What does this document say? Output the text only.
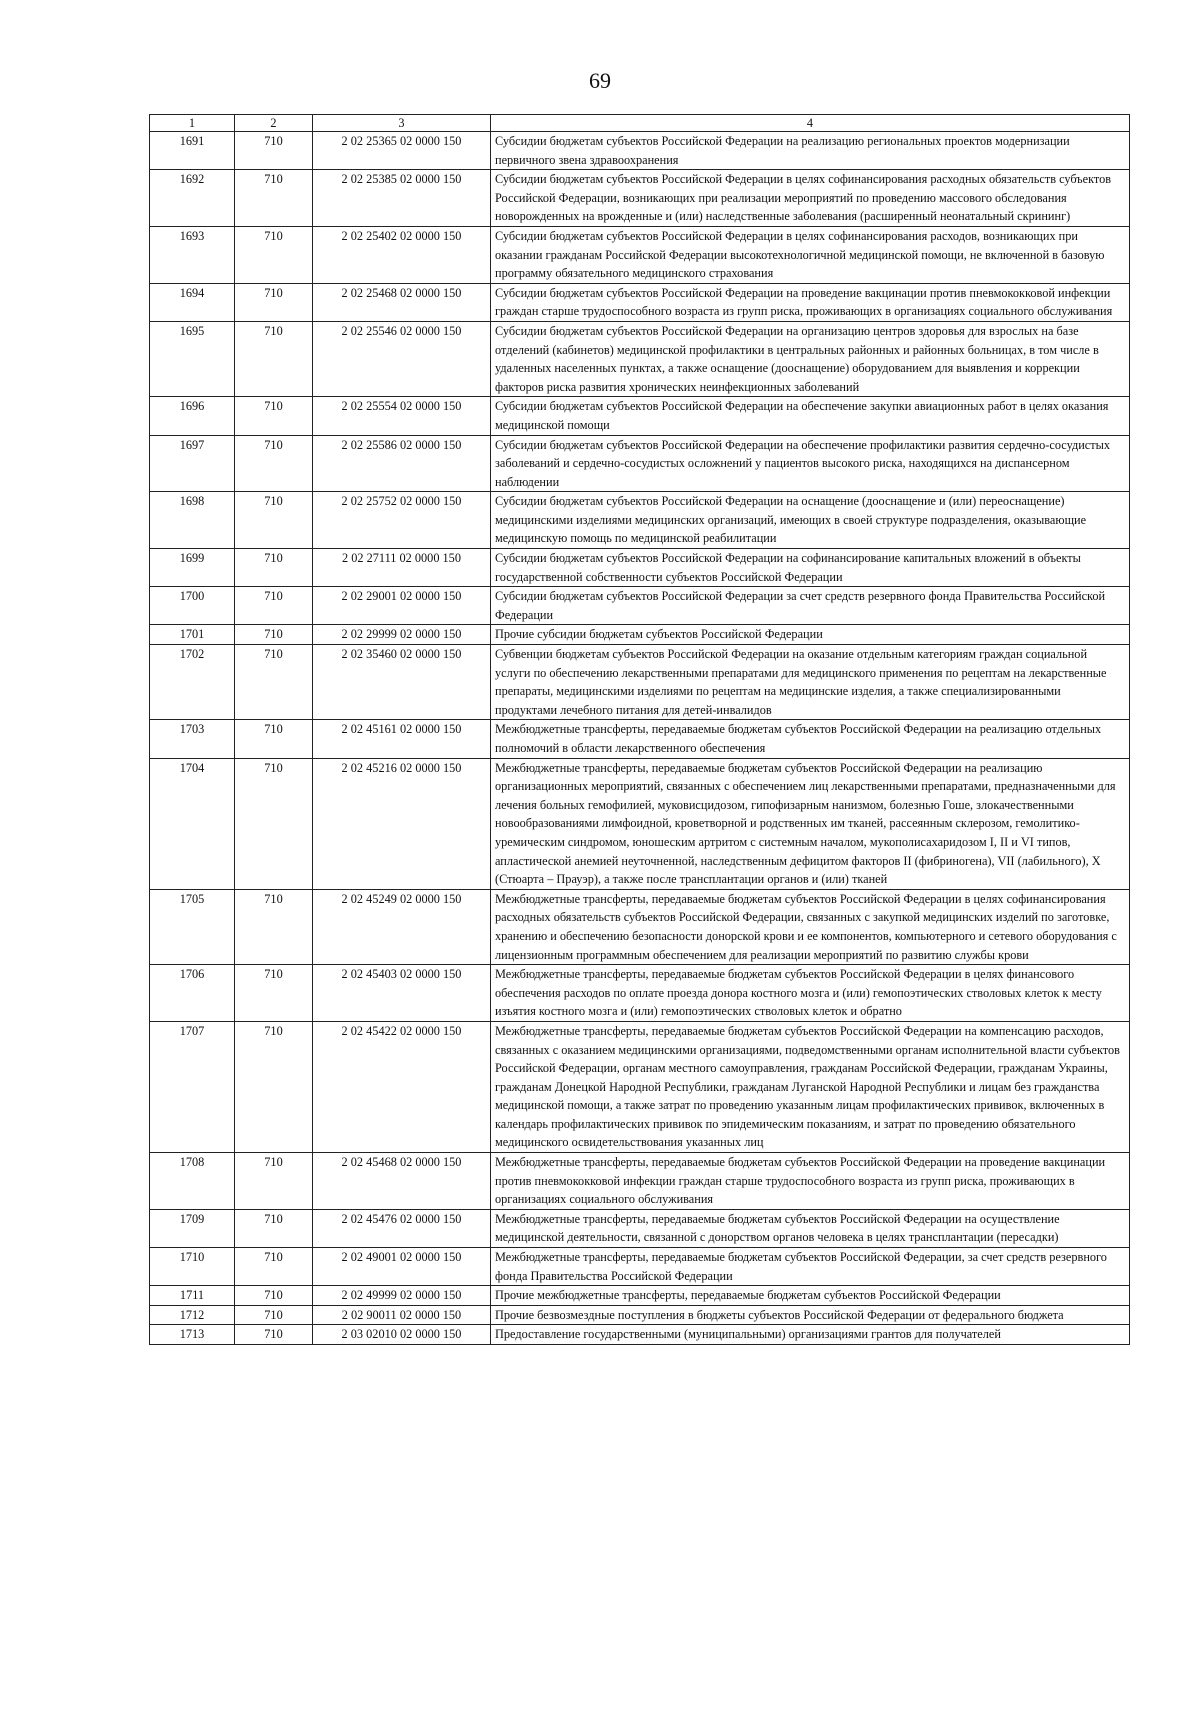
69
1	2	3	4
1691	710	2 02 25365 02 0000 150	Субсидии бюджетам субъектов Российской Федерации на реализацию региональных проектов модернизации первичного звена здравоохранения
1692	710	2 02 25385 02 0000 150	Субсидии бюджетам субъектов Российской Федерации в целях софинансирования расходных обязательств субъектов Российской Федерации, возникающих при реализации мероприятий по проведению массового обследования новорожденных на врожденные и (или) наследственные заболевания (расширенный неонатальный скрининг)
1693	710	2 02 25402 02 0000 150	Субсидии бюджетам субъектов Российской Федерации в целях софинансирования расходов, возникающих при оказании гражданам Российской Федерации высокотехнологичной медицинской помощи, не включенной в базовую программу обязательного медицинского страхования
1694	710	2 02 25468 02 0000 150	Субсидии бюджетам субъектов Российской Федерации на проведение вакцинации против пневмококковой инфекции граждан старше трудоспособного возраста из групп риска, проживающих в организациях социального обслуживания
1695	710	2 02 25546 02 0000 150	Субсидии бюджетам субъектов Российской Федерации на организацию центров здоровья для взрослых на базе отделений (кабинетов) медицинской профилактики в центральных районных и районных больницах, в том числе в удаленных населенных пунктах, а также оснащение (дооснащение) оборудованием для выявления и коррекции факторов риска развития хронических неинфекционных заболеваний
1696	710	2 02 25554 02 0000 150	Субсидии бюджетам субъектов Российской Федерации на обеспечение закупки авиационных работ в целях оказания медицинской помощи
1697	710	2 02 25586 02 0000 150	Субсидии бюджетам субъектов Российской Федерации на обеспечение профилактики развития сердечно-сосудистых заболеваний и сердечно-сосудистых осложнений у пациентов высокого риска, находящихся на диспансерном наблюдении
1698	710	2 02 25752 02 0000 150	Субсидии бюджетам субъектов Российской Федерации на оснащение (дооснащение и (или) переоснащение) медицинскими изделиями медицинских организаций, имеющих в своей структуре подразделения, оказывающие медицинскую помощь по медицинской реабилитации
1699	710	2 02 27111 02 0000 150	Субсидии бюджетам субъектов Российской Федерации на софинансирование капитальных вложений в объекты государственной собственности субъектов Российской Федерации
1700	710	2 02 29001 02 0000 150	Субсидии бюджетам субъектов Российской Федерации за счет средств резервного фонда Правительства Российской Федерации
1701	710	2 02 29999 02 0000 150	Прочие субсидии бюджетам субъектов Российской Федерации
1702	710	2 02 35460 02 0000 150	Субвенции бюджетам субъектов Российской Федерации на оказание отдельным категориям граждан социальной услуги по обеспечению лекарственными препаратами для медицинского применения по рецептам на лекарственные препараты, медицинскими изделиями по рецептам на медицинские изделия, а также специализированными продуктами лечебного питания для детей-инвалидов
1703	710	2 02 45161 02 0000 150	Межбюджетные трансферты, передаваемые бюджетам субъектов Российской Федерации на реализацию отдельных полномочий в области лекарственного обеспечения
1704	710	2 02 45216 02 0000 150	Межбюджетные трансферты, передаваемые бюджетам субъектов Российской Федерации на реализацию организационных мероприятий, связанных с обеспечением лиц лекарственными препаратами, предназначенными для лечения больных гемофилией, муковисцидозом, гипофизарным нанизмом, болезнью Гоше, злокачественными новообразованиями лимфоидной, кроветворной и родственных им тканей, рассеянным склерозом, гемолитико-уремическим синдромом, юношеским артритом с системным началом, мукополисахаридозом I, II и VI типов, апластической анемией неуточненной, наследственным дефицитом факторов II (фибриногена), VII (лабильного), X (Стюарта – Прауэр), а также после трансплантации органов и (или) тканей
1705	710	2 02 45249 02 0000 150	Межбюджетные трансферты, передаваемые бюджетам субъектов Российской Федерации в целях софинансирования расходных обязательств субъектов Российской Федерации, связанных с закупкой медицинских изделий по заготовке, хранению и обеспечению безопасности донорской крови и ее компонентов, компьютерного и сетевого оборудования с лицензионным программным обеспечением для реализации мероприятий по развитию службы крови
1706	710	2 02 45403 02 0000 150	Межбюджетные трансферты, передаваемые бюджетам субъектов Российской Федерации в целях финансового обеспечения расходов по оплате проезда донора костного мозга и (или) гемопоэтических стволовых клеток к месту изъятия костного мозга и (или) гемопоэтических стволовых клеток и обратно
1707	710	2 02 45422 02 0000 150	Межбюджетные трансферты, передаваемые бюджетам субъектов Российской Федерации на компенсацию расходов, связанных с оказанием медицинскими организациями, подведомственными органам исполнительной власти субъектов Российской Федерации, органам местного самоуправления, гражданам Российской Федерации, гражданам Украины, гражданам Донецкой Народной Республики, гражданам Луганской Народной Республики и лицам без гражданства медицинской помощи, а также затрат по проведению указанным лицам профилактических прививок, включенных в календарь профилактических прививок по эпидемическим показаниям, и затрат по проведению обязательного медицинского освидетельствования указанных лиц
1708	710	2 02 45468 02 0000 150	Межбюджетные трансферты, передаваемые бюджетам субъектов Российской Федерации на проведение вакцинации против пневмококковой инфекции граждан старше трудоспособного возраста из групп риска, проживающих в организациях социального обслуживания
1709	710	2 02 45476 02 0000 150	Межбюджетные трансферты, передаваемые бюджетам субъектов Российской Федерации на осуществление медицинской деятельности, связанной с донорством органов человека в целях трансплантации (пересадки)
1710	710	2 02 49001 02 0000 150	Межбюджетные трансферты, передаваемые бюджетам субъектов Российской Федерации, за счет средств резервного фонда Правительства Российской Федерации
1711	710	2 02 49999 02 0000 150	Прочие межбюджетные трансферты, передаваемые бюджетам субъектов Российской Федерации
1712	710	2 02 90011 02 0000 150	Прочие безвозмездные поступления в бюджеты субъектов Российской Федерации от федерального бюджета
1713	710	2 03 02010 02 0000 150	Предоставление государственными (муниципальными) организациями грантов для получателей
